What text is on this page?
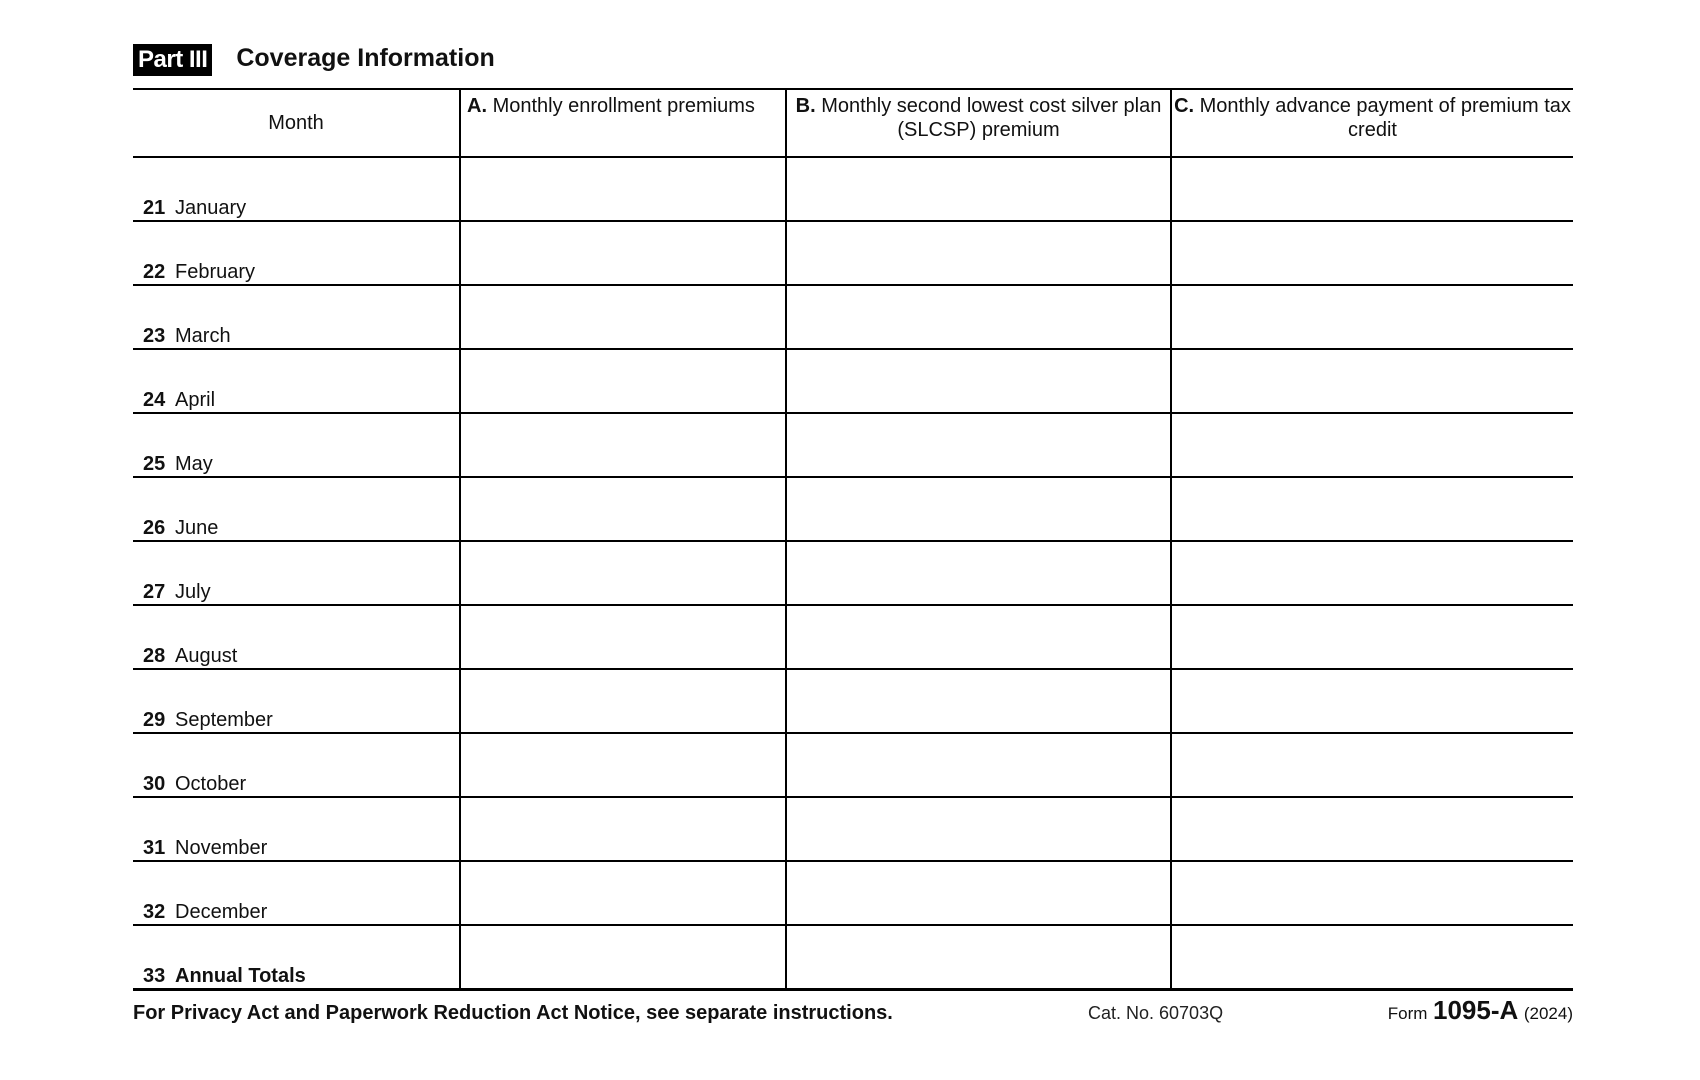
Part III Coverage Information
Month	A. Monthly enrollment premiums	B. Monthly second lowest cost silver plan (SLCSP) premium	C. Monthly advance payment of premium tax credit
21 January			
22 February			
23 March			
24 April			
25 May			
26 June			
27 July			
28 August			
29 September			
30 October			
31 November			
32 December			
33 Annual Totals			
For Privacy Act and Paperwork Reduction Act Notice, see separate instructions.	Cat. No. 60703Q	Form 1095-A (2024)
